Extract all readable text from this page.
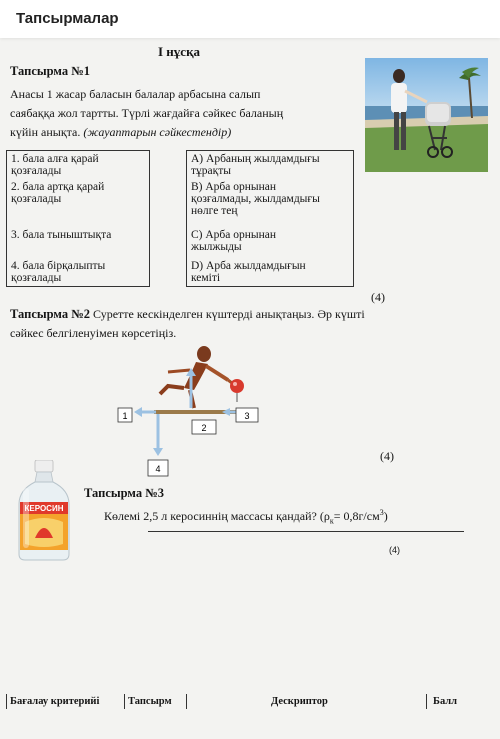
Тапсырмалар
I нұсқа
Тапсырма №1
Анасы 1 жасар баласын балалар арбасына салып
саябаққа жол тартты. Түрлі жағдайға сәйкес баланың
күйін анықта. (жауаптарын сәйкестендір)
1. бала алға қарай
қозғалады
2. бала артқа қарай
қозғалады
3. бала тыныштықта
4. бала бірқалыпты
қозғалады
A) Арбаның жылдамдығы
тұрақты
B) Арба орнынан
қозғалмады, жылдамдығы
нөлге тең
C) Арба орнынан
жылжыды
D) Арба жылдамдығын
кеміті
(4)
Тапсырма №2 Суретте кескінделген күштерді анықтаңыз. Әр күшті
сәйкес белгіленуімен көрсетіңіз.
1
2
3
4
(4)
КЕРОСИН
Тапсырма №3
Көлемі 2,5 л керосиннің массасы қандай? $(\rho_к= 0,8г/см^3)$
(4)
Бағалау критерийі	Тапсырм	Дескриптор	Балл
